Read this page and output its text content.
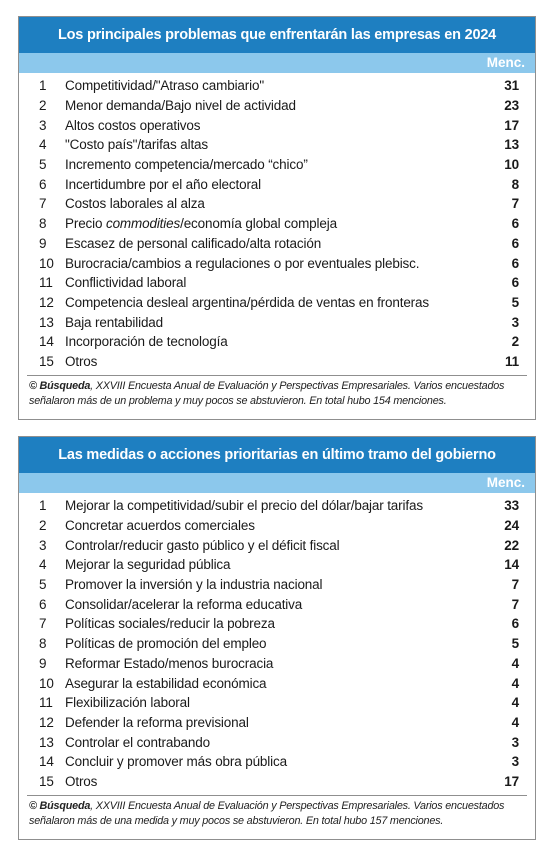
Los principales problemas que enfrentarán las empresas en 2024
Menc.
1	Competitividad/"Atraso cambiario"	31
2	Menor demanda/Bajo nivel de actividad	23
3	Altos costos operativos	17
4	"Costo país"/tarifas altas	13
5	Incremento competencia/mercado “chico”	10
6	Incertidumbre por el año electoral	8
7	Costos laborales al alza	7
8	Precio commodities/economía global compleja	6
9	Escasez de personal calificado/alta rotación	6
10 Burocracia/cambios a regulaciones o por eventuales plebisc.	6
11 Conflictividad laboral	6
12 Competencia desleal argentina/pérdida de ventas en fronteras	5
13 Baja rentabilidad	3
14 Incorporación de tecnología	2
15 Otros	11
© Búsqueda, XXVIII Encuesta Anual de Evaluación y Perspectivas Empresariales. Varios encuestados señalaron más de un problema y muy pocos se abstuvieron. En total hubo 154 menciones.
Las medidas o acciones prioritarias en último tramo del gobierno
Menc.
1	Mejorar la competitividad/subir el precio del dólar/bajar tarifas	33
2	Concretar acuerdos comerciales	24
3	Controlar/reducir gasto público y el déficit fiscal	22
4	Mejorar la seguridad pública	14
5	Promover la inversión y la industria nacional	7
6	Consolidar/acelerar la reforma educativa	7
7	Políticas sociales/reducir la pobreza	6
8	Políticas de promoción del empleo	5
9	Reformar Estado/menos burocracia	4
10 Asegurar la estabilidad económica	4
11 Flexibilización laboral	4
12 Defender la reforma previsional	4
13 Controlar el contrabando	3
14 Concluir y promover más obra pública	3
15 Otros	17
© Búsqueda, XXVIII Encuesta Anual de Evaluación y Perspectivas Empresariales. Varios encuestados señalaron más de una medida y muy pocos se abstuvieron. En total hubo 157 menciones.
